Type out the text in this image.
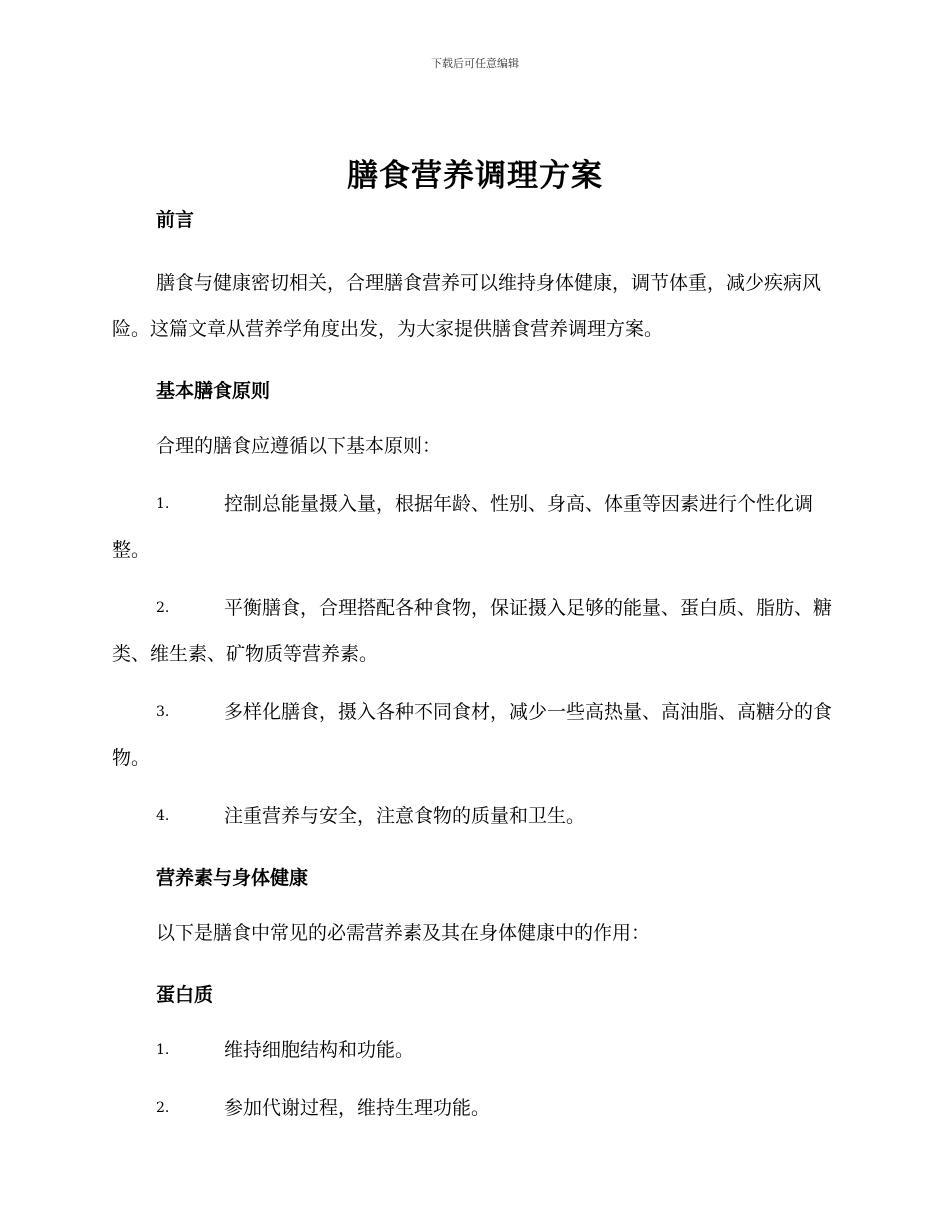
下载后可任意编辑
膳食营养调理方案
前言

膳食与健康密切相关，合理膳食营养可以维持身体健康，调节体重，减少疾病风险。这篇文章从营养学角度出发，为大家提供膳食营养调理方案。

基本膳食原则

合理的膳食应遵循以下基本原则：

1.	控制总能量摄入量，根据年龄、性别、身高、体重等因素进行个性化调整。

2.	平衡膳食，合理搭配各种食物，保证摄入足够的能量、蛋白质、脂肪、糖类、维生素、矿物质等营养素。

3.	多样化膳食，摄入各种不同食材，减少一些高热量、高油脂、高糖分的食物。

4.	注重营养与安全，注意食物的质量和卫生。

营养素与身体健康

以下是膳食中常见的必需营养素及其在身体健康中的作用：

蛋白质

1.	维持细胞结构和功能。

2.	参加代谢过程，维持生理功能。
